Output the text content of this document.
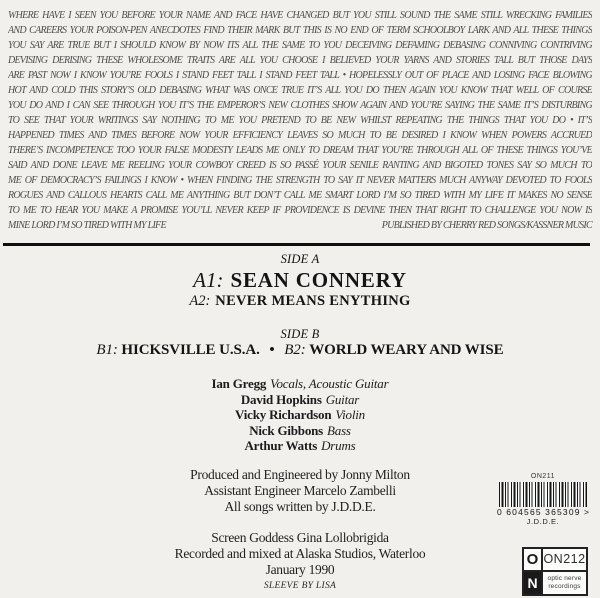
WHERE HAVE I SEEN YOU BEFORE YOUR NAME AND FACE HAVE CHANGED BUT YOU STILL SOUND THE SAME STILL WRECKING FAMILIES
AND CAREERS YOUR POISON-PEN ANECDOTES FIND THEIR MARK BUT THIS IS NO END OF TERM SCHOOLBOY LARK AND ALL THESE THINGS
YOU SAY ARE TRUE BUT I SHOULD KNOW BY NOW ITS ALL THE SAME TO YOU DECEIVING DEFAMING DEBASING CONNIVING CONTRIVING
DEVISING DERISING THESE WHOLESOME TRAITS ARE ALL YOU CHOOSE I BELIEVED YOUR YARNS AND STORIES TALL BUT THOSE DAYS
ARE PAST NOW I KNOW YOU’RE FOOLS I STAND FEET TALL I STAND FEET TALL • HOPELESSLY OUT OF PLACE AND LOSING FACE BLOWING
HOT AND COLD THIS STORY’S OLD DEBASING WHAT WAS ONCE TRUE IT’S ALL YOU DO THEN AGAIN YOU KNOW THAT WELL OF COURSE
YOU DO AND I CAN SEE THROUGH YOU IT’S THE EMPEROR’S NEW CLOTHES SHOW AGAIN AND YOU’RE SAYING THE SAME IT’S DISTURBING
TO SEE THAT YOUR WRITINGS SAY NOTHING TO ME YOU PRETEND TO BE NEW WHILST REPEATING THE THINGS THAT YOU DO • IT’S
HAPPENED TIMES AND TIMES BEFORE NOW YOUR EFFICIENCY LEAVES SO MUCH TO BE DESIRED I KNOW WHEN POWERS ACCRUED
THERE’S INCOMPETENCE TOO YOUR FALSE MODESTY LEADS ME ONLY TO DREAM THAT YOU’RE THROUGH ALL OF THESE THINGS YOU’VE
SAID AND DONE LEAVE ME REELING YOUR COWBOY CREED IS SO PASSÉ YOUR SENILE RANTING AND BIGOTED TONES SAY SO MUCH TO
ME OF DEMOCRACY’S FAILINGS I KNOW • WHEN FINDING THE STRENGTH TO SAY IT NEVER MATTERS MUCH ANYWAY DEVOTED TO FOOLS
ROGUES AND CALLOUS HEARTS CALL ME ANYTHING BUT DON’T CALL ME SMART LORD I’M SO TIRED WITH MY LIFE IT MAKES NO SENSE
TO ME TO HEAR YOU MAKE A PROMISE YOU’LL NEVER KEEP IF PROVIDENCE IS DEVINE THEN THAT RIGHT TO CHALLENGE YOU NOW IS
MINE LORD I’M SO TIRED WITH MY LIFE	PUBLISHED BY CHERRY RED SONGS/KASSNER MUSIC
SIDE A
A1: SEAN CONNERY
A2: NEVER MEANS ENYTHING
SIDE B
B1: HICKSVILLE U.S.A. • B2: WORLD WEARY AND WISE
Ian Gregg Vocals, Acoustic Guitar
David Hopkins Guitar
Vicky Richardson Violin
Nick Gibbons Bass
Arthur Watts Drums
Produced and Engineered by Jonny Milton
Assistant Engineer Marcelo Zambelli
All songs written by J.D.D.E.
Screen Goddess Gina Lollobrigida
Recorded and mixed at Alaska Studios, Waterloo
January 1990
SLEEVE BY LISA
ON211
0 604565 365309 >
J.D.D.E.
O ON212
N	optic nerve
recordings
